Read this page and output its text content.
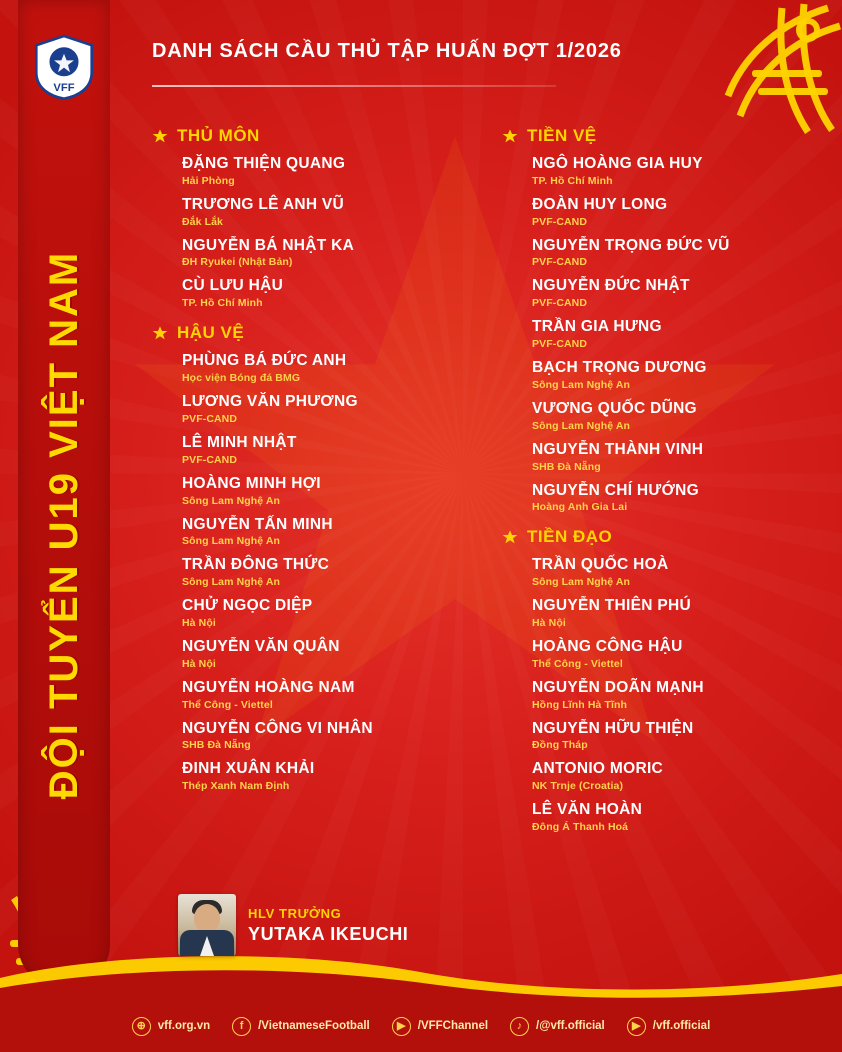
VFF
ĐỘI TUYỂN U19 VIỆT NAM
DANH SÁCH CẦU THỦ TẬP HUẤN ĐỢT 1/2026
THỦ MÔN
ĐẶNG THIỆN QUANG
Hải Phòng
TRƯƠNG LÊ ANH VŨ
Đắk Lắk
NGUYỄN BÁ NHẬT KA
ĐH Ryukei (Nhật Bản)
CÙ LƯU HẬU
TP. Hồ Chí Minh
HẬU VỆ
PHÙNG BÁ ĐỨC ANH
Học viện Bóng đá BMG
LƯƠNG VĂN PHƯƠNG
PVF-CAND
LÊ MINH NHẬT
PVF-CAND
HOÀNG MINH HỢI
Sông Lam Nghệ An
NGUYỄN TẤN MINH
Sông Lam Nghệ An
TRẦN ĐÔNG THỨC
Sông Lam Nghệ An
CHỬ NGỌC DIỆP
Hà Nội
NGUYỄN VĂN QUÂN
Hà Nội
NGUYỄN HOÀNG NAM
Thể Công - Viettel
NGUYỄN CÔNG VI NHÂN
SHB Đà Nẵng
ĐINH XUÂN KHẢI
Thép Xanh Nam Định
TIỀN VỆ
NGÔ HOÀNG GIA HUY
TP. Hồ Chí Minh
ĐOÀN HUY LONG
PVF-CAND
NGUYỄN TRỌNG ĐỨC VŨ
PVF-CAND
NGUYỄN ĐỨC NHẬT
PVF-CAND
TRẦN GIA HƯNG
PVF-CAND
BẠCH TRỌNG DƯƠNG
Sông Lam Nghệ An
VƯƠNG QUỐC DŨNG
Sông Lam Nghệ An
NGUYỄN THÀNH VINH
SHB Đà Nẵng
NGUYỄN CHÍ HƯỚNG
Hoàng Anh Gia Lai
TIỀN ĐẠO
TRẦN QUỐC HOÀ
Sông Lam Nghệ An
NGUYỄN THIÊN PHÚ
Hà Nội
HOÀNG CÔNG HẬU
Thể Công - Viettel
NGUYỄN DOÃN MẠNH
Hồng Lĩnh Hà Tĩnh
NGUYỄN HỮU THIỆN
Đồng Tháp
ANTONIO MORIC
NK Trnje (Croatia)
LÊ VĂN HOÀN
Đông Á Thanh Hoá
HLV TRƯỞNG
YUTAKA IKEUCHI
⊕	vff.org.vn	f	/VietnameseFootball	▶	/VFFChannel	♪	/@vff.official	▶	/vff.official
